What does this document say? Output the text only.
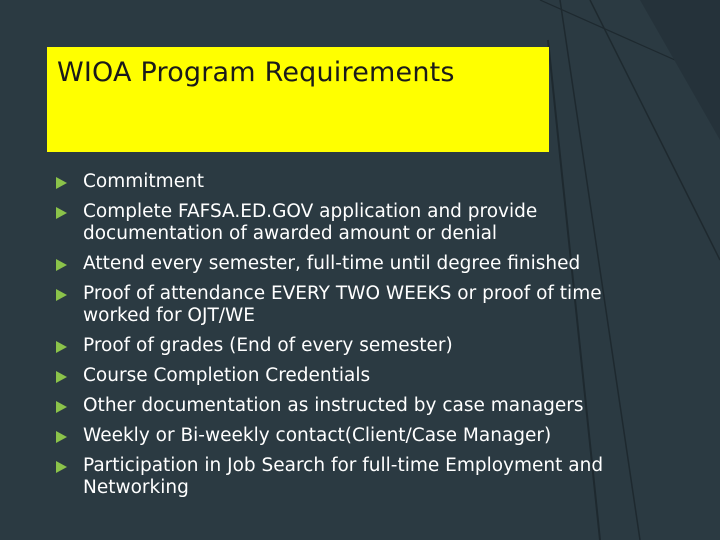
WIOA Program Requirements
Commitment
Complete FAFSA.ED.GOV application and provide documentation of awarded amount or denial
Attend every semester, full-time until degree finished
Proof of attendance EVERY TWO WEEKS or proof of time worked for OJT/WE
Proof of grades (End of every semester)
Course Completion Credentials
Other documentation as instructed by case managers
Weekly or Bi-weekly contact(Client/Case Manager)
Participation in Job Search for full-time Employment and Networking
